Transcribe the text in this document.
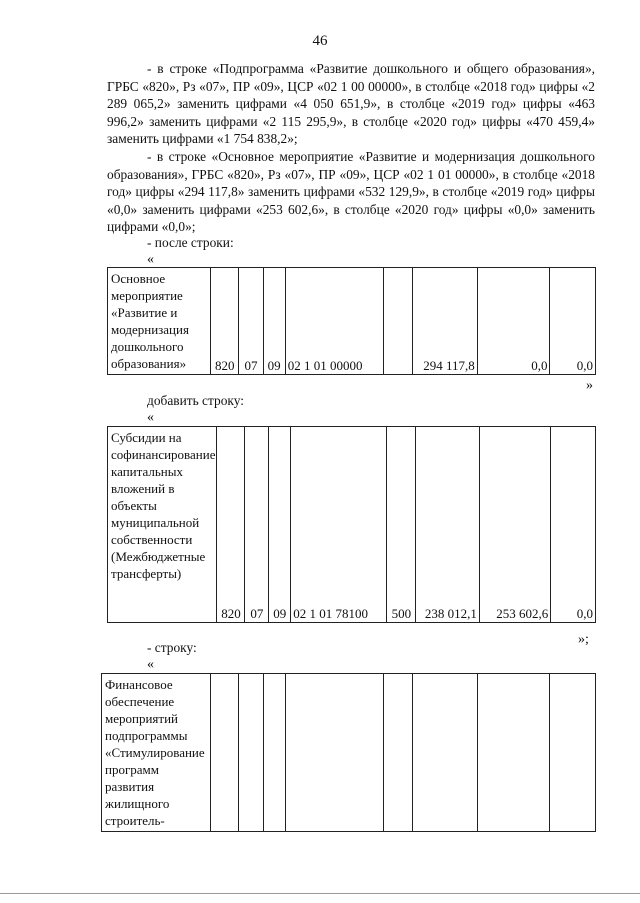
46

- в строке «Подпрограмма «Развитие дошкольного и общего образования», ГРБС «820», Рз «07», ПР «09», ЦСР «02 1 00 00000», в столбце «2018 год» цифры «2 289 065,2» заменить цифрами «4 050 651,9», в столбце «2019 год» цифры «463 996,2» заменить цифрами «2 115 295,9», в столбце «2020 год» цифры «470 459,4» заменить цифрами «1 754 838,2»;

- в строке «Основное мероприятие «Развитие и модернизация дошкольного образования», ГРБС «820», Рз «07», ПР «09», ЦСР «02 1 01 00000», в столбце «2018 год» цифры «294 117,8» заменить цифрами «532 129,9», в столбце «2019 год» цифры «0,0» заменить цифрами «253 602,6», в столбце «2020 год» цифры «0,0» заменить цифрами «0,0»;

- после строки:
«
Основное мероприятие «Развитие и модернизация дошкольного образования»	820	07	09	02 1 01 00000		294 117,8	0,0	0,0
»
добавить строку:
«
Субсидии на софинансирование капитальных вложений в объекты муниципальной собственности (Межбюджетные трансферты)	820	07	09	02 1 01 78100	500	238 012,1	253 602,6	0,0
»;
- строку:
«
Финансовое обеспечение мероприятий подпрограммы «Стимулирование программ развития жилищного строитель-								
